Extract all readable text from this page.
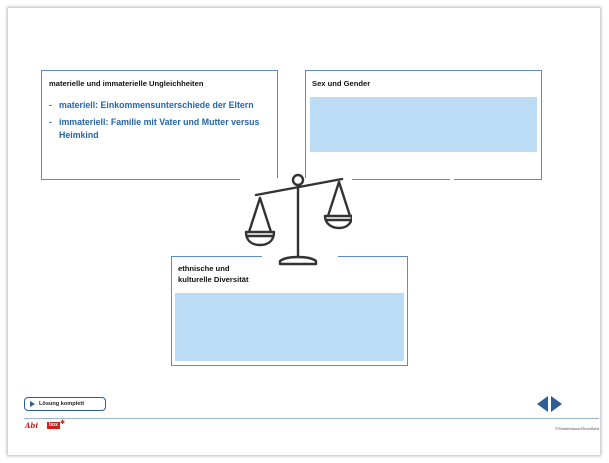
materielle und immaterielle Ungleichheiten
- materiell: Einkommensunterschiede der Eltern
- immateriell: Familie mit Vater und Mutter versus Heimkind
Sex und Gender
ethnische und
kulturelle Diversität
Lösung komplett
Abi	box ✱
©Shutterstock/Ricchflaht
